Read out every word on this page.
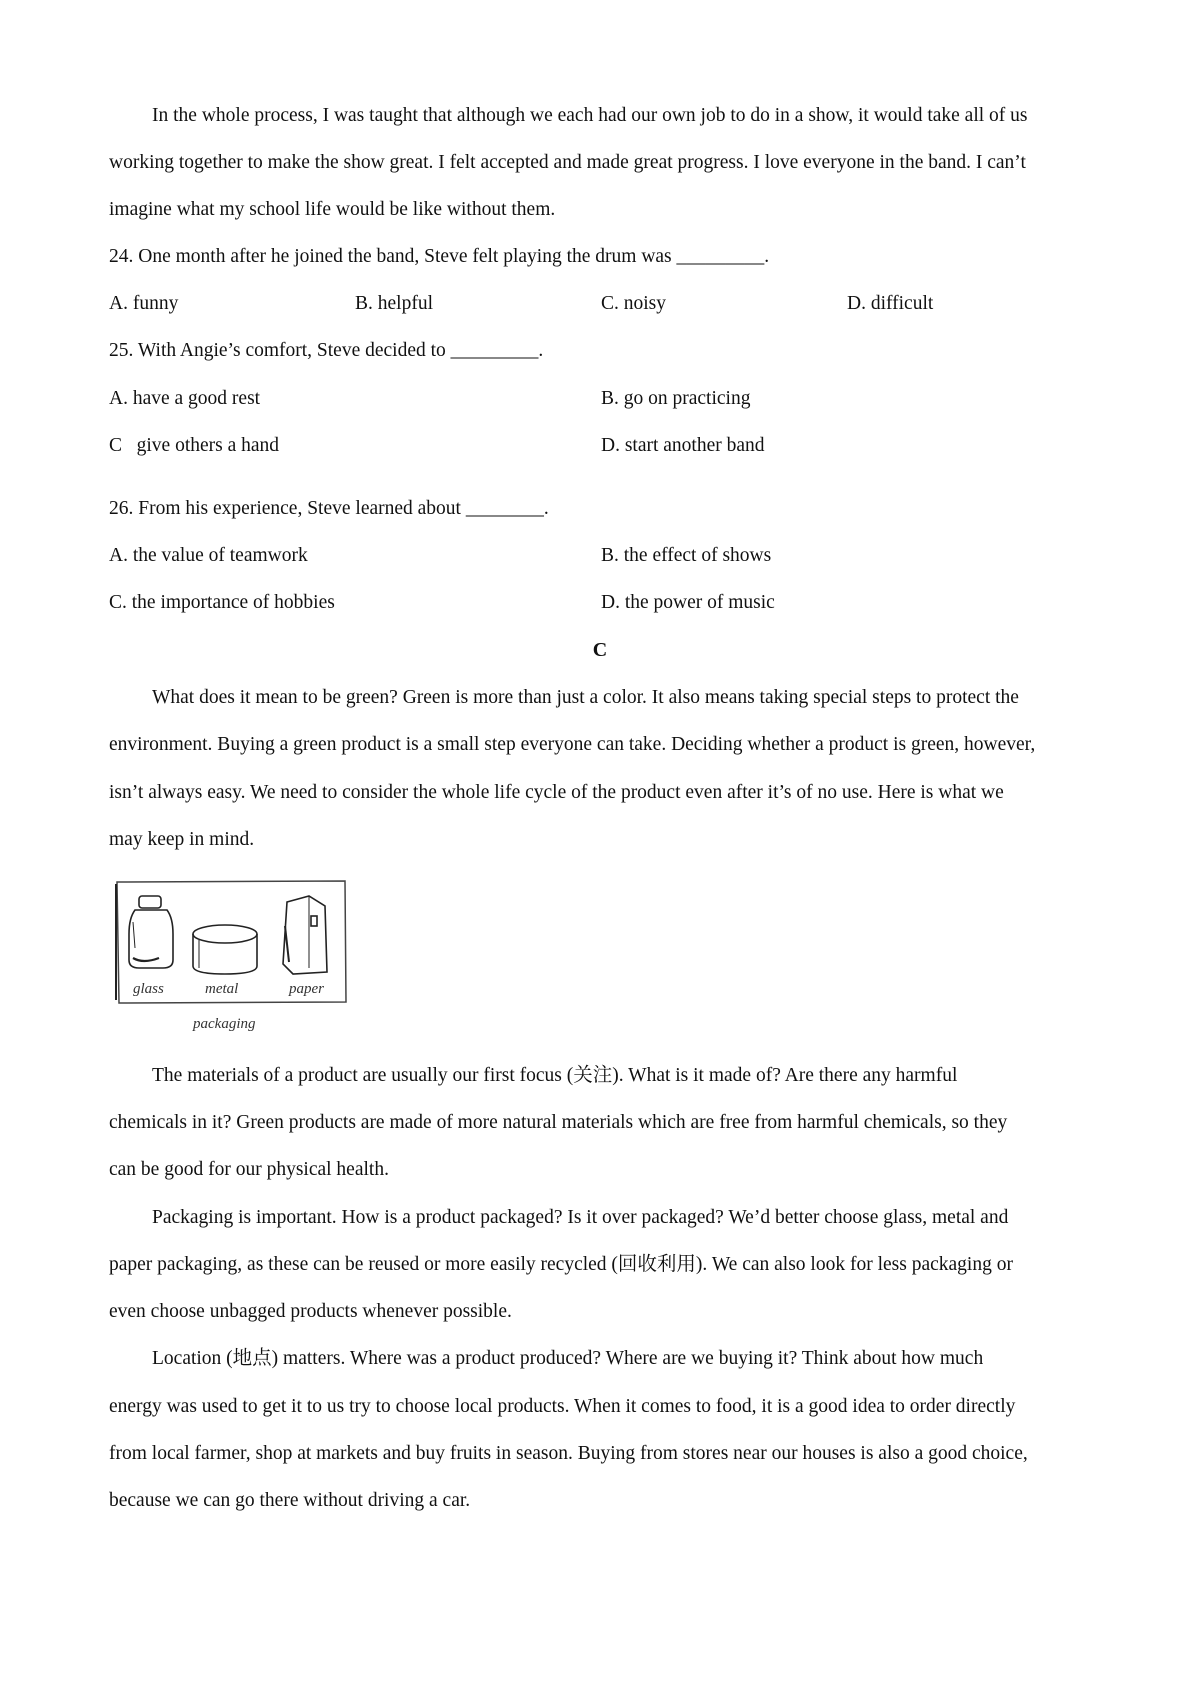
In the whole process, I was taught that although we each had our own job to do in a show, it would take all of us
working together to make the show great. I felt accepted and made great progress. I love everyone in the band. I can’t
imagine what my school life would be like without them.
24. One month after he joined the band, Steve felt playing the drum was _________.
A. funny	B. helpful	C. noisy	D. difficult
25. With Angie’s comfort, Steve decided to _________.
A. have a good rest	B. go on practicing
C   give others a hand	D. start another band
26. From his experience, Steve learned about ________.
A. the value of teamwork	B. the effect of shows
C. the importance of hobbies	D. the power of music
C
What does it mean to be green? Green is more than just a color. It also means taking special steps to protect the
environment. Buying a green product is a small step everyone can take. Deciding whether a product is green, however,
isn’t always easy. We need to consider the whole life cycle of the product even after it’s of no use. Here is what we
may keep in mind.
glass	metal	paper
packaging
The materials of a product are usually our first focus (关注). What is it made of? Are there any harmful
chemicals in it? Green products are made of more natural materials which are free from harmful chemicals, so they
can be good for our physical health.
Packaging is important. How is a product packaged? Is it over packaged? We’d better choose glass, metal and
paper packaging, as these can be reused or more easily recycled (回收利用). We can also look for less packaging or
even choose unbagged products whenever possible.
Location (地点) matters. Where was a product produced? Where are we buying it? Think about how much
energy was used to get it to us try to choose local products. When it comes to food, it is a good idea to order directly
from local farmer, shop at markets and buy fruits in season. Buying from stores near our houses is also a good choice,
because we can go there without driving a car.
